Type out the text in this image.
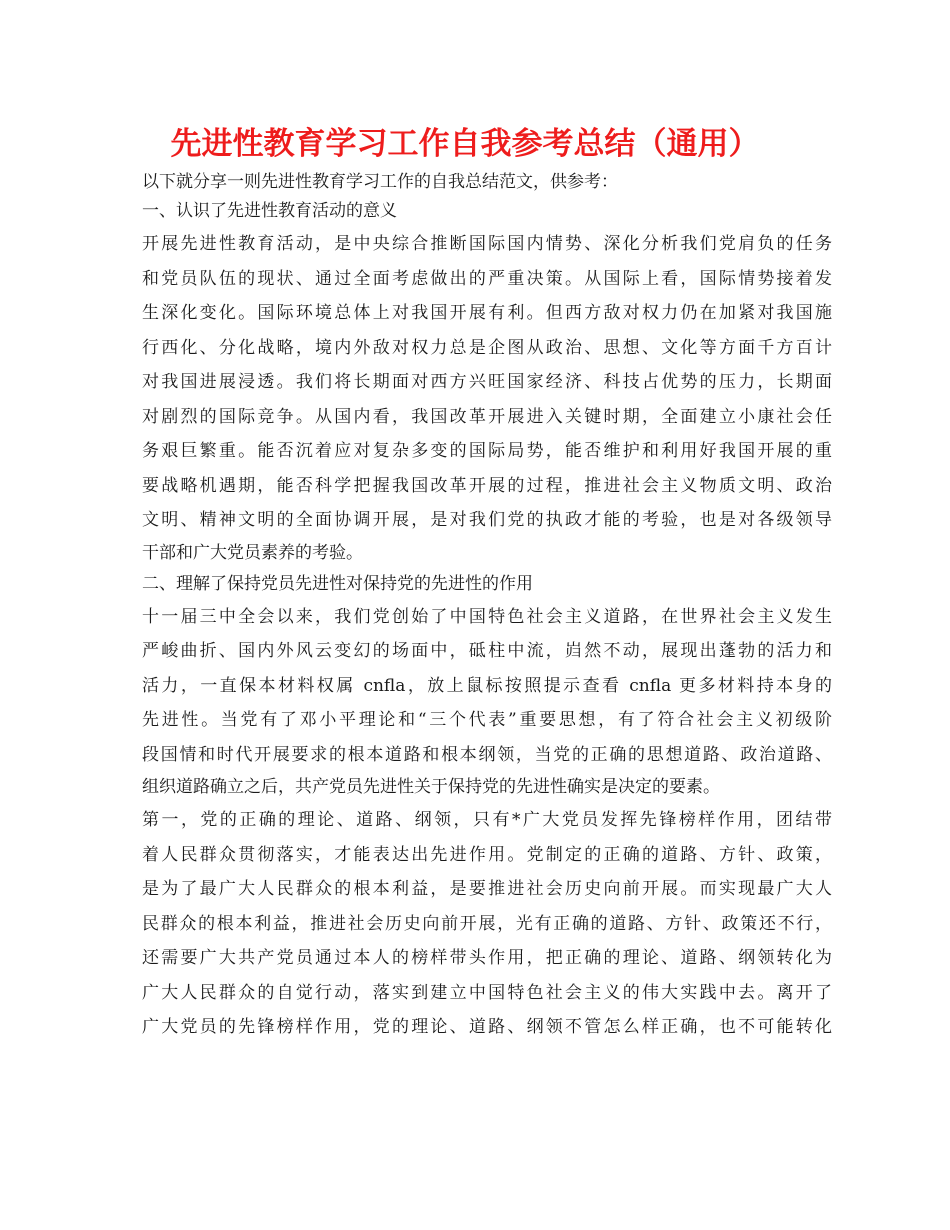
先进性教育学习工作自我参考总结（通用）
以下就分享一则先进性教育学习工作的自我总结范文，供参考：
一、认识了先进性教育活动的意义
开展先进性教育活动，是中央综合推断国际国内情势、深化分析我们党肩负的任务
和党员队伍的现状、通过全面考虑做出的严重决策。从国际上看，国际情势接着发
生深化变化。国际环境总体上对我国开展有利。但西方敌对权力仍在加紧对我国施
行西化、分化战略，境内外敌对权力总是企图从政治、思想、文化等方面千方百计
对我国进展浸透。我们将长期面对西方兴旺国家经济、科技占优势的压力，长期面
对剧烈的国际竞争。从国内看，我国改革开展进入关键时期，全面建立小康社会任
务艰巨繁重。能否沉着应对复杂多变的国际局势，能否维护和利用好我国开展的重
要战略机遇期，能否科学把握我国改革开展的过程，推进社会主义物质文明、政治
文明、精神文明的全面协调开展，是对我们党的执政才能的考验，也是对各级领导
干部和广大党员素养的考验。
二、理解了保持党员先进性对保持党的先进性的作用
十一届三中全会以来，我们党创始了中国特色社会主义道路，在世界社会主义发生
严峻曲折、国内外风云变幻的场面中，砥柱中流，岿然不动，展现出蓬勃的活力和
活力，一直保本材料权属 cnfla，放上鼠标按照提示查看 cnfla 更多材料持本身的
先进性。当党有了邓小平理论和“三个代表”重要思想，有了符合社会主义初级阶
段国情和时代开展要求的根本道路和根本纲领，当党的正确的思想道路、政治道路、
组织道路确立之后，共产党员先进性关于保持党的先进性确实是决定的要素。
第一，党的正确的理论、道路、纲领，只有*广大党员发挥先锋榜样作用，团结带
着人民群众贯彻落实，才能表达出先进作用。党制定的正确的道路、方针、政策，
是为了最广大人民群众的根本利益，是要推进社会历史向前开展。而实现最广大人
民群众的根本利益，推进社会历史向前开展，光有正确的道路、方针、政策还不行，
还需要广大共产党员通过本人的榜样带头作用，把正确的理论、道路、纲领转化为
广大人民群众的自觉行动，落实到建立中国特色社会主义的伟大实践中去。离开了
广大党员的先锋榜样作用，党的理论、道路、纲领不管怎么样正确，也不可能转化
